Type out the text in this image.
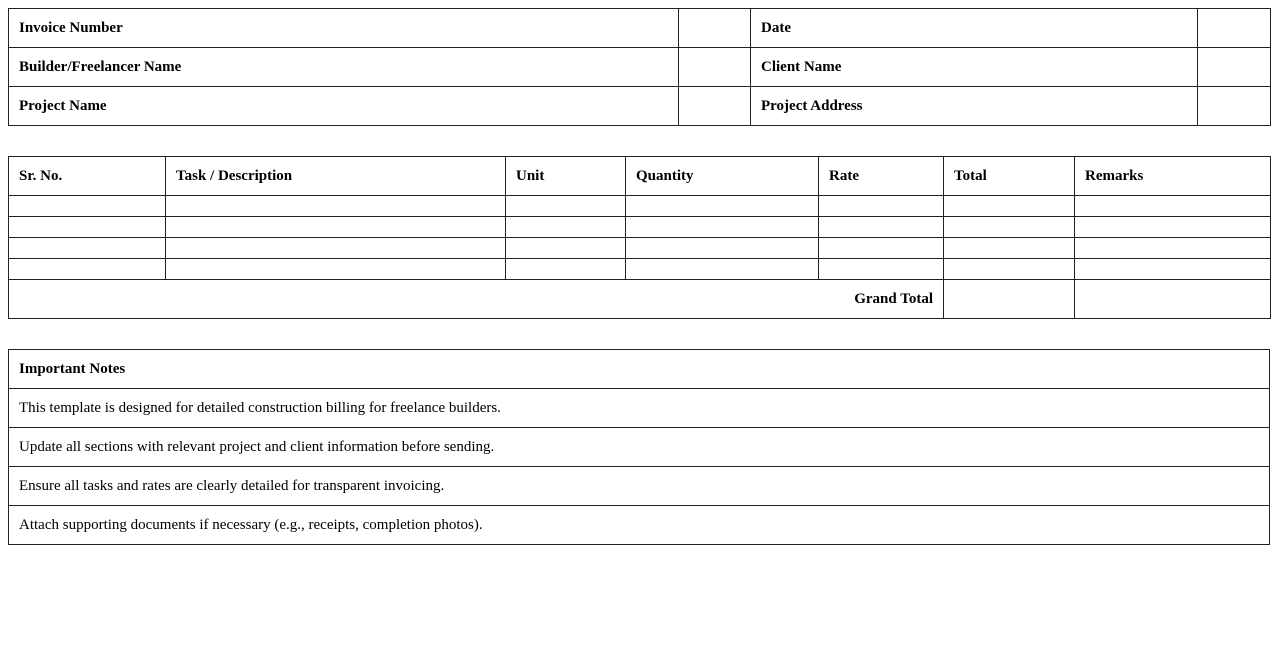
Invoice Number		Date	
Builder/Freelancer Name		Client Name	
Project Name		Project Address	
Sr. No.	Task / Description	Unit	Quantity	Rate	Total	Remarks

Grand Total						
Important Notes
This template is designed for detailed construction billing for freelance builders.
Update all sections with relevant project and client information before sending.
Ensure all tasks and rates are clearly detailed for transparent invoicing.
Attach supporting documents if necessary (e.g., receipts, completion photos).
